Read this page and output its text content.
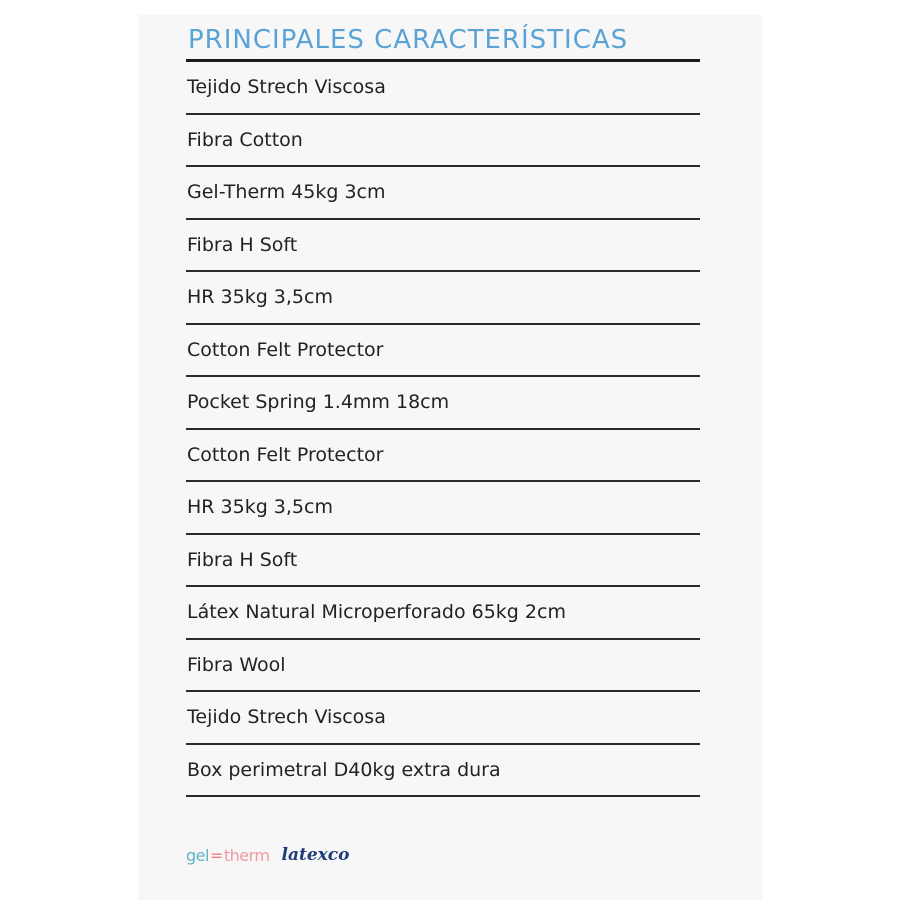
PRINCIPALES CARACTERÍSTICAS
Tejido Strech Viscosa
Fibra Cotton
Gel-Therm 45kg 3cm
Fibra H Soft
HR 35kg 3,5cm
Cotton Felt Protector
Pocket Spring 1.4mm 18cm
Cotton Felt Protector
HR 35kg 3,5cm
Fibra H Soft
Látex Natural Microperforado 65kg 2cm
Fibra Wool
Tejido Strech Viscosa
Box perimetral D40kg extra dura
gel=therm latexco
